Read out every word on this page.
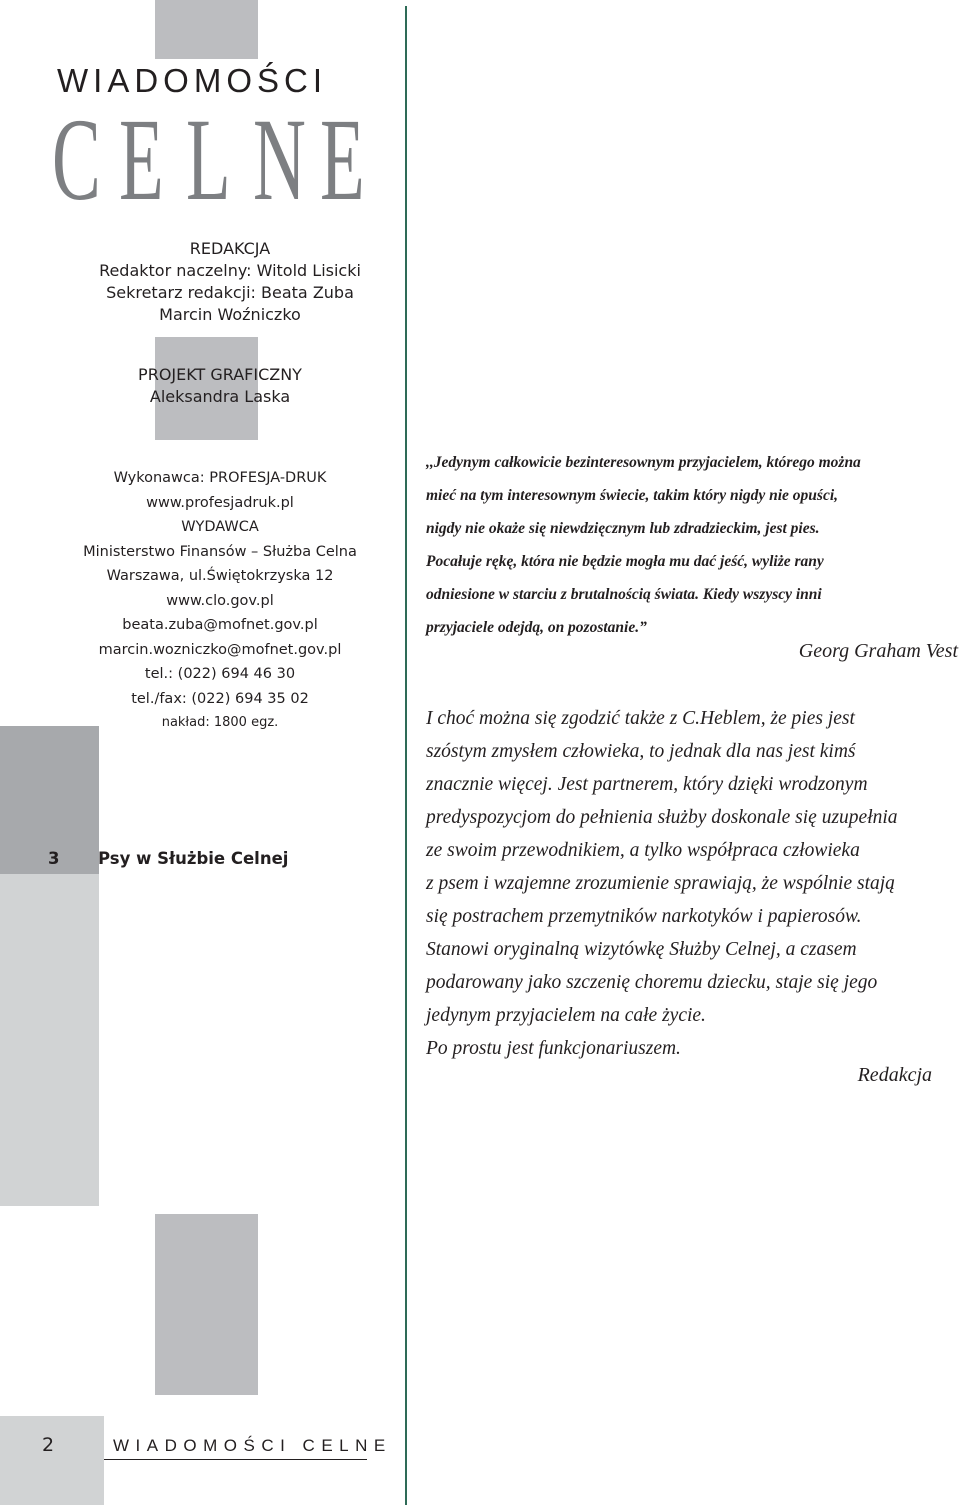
WIADOMOŚCI
C E L N E
REDAKCJA
Redaktor naczelny: Witold Lisicki
Sekretarz redakcji: Beata Zuba
Marcin Woźniczko
PROJEKT GRAFICZNY
Aleksandra Laska
Wykonawca: PROFESJA-DRUK
www.profesjadruk.pl
WYDAWCA
Ministerstwo Finansów – Służba Celna
Warszawa, ul.Świętokrzyska 12
www.clo.gov.pl
beata.zuba@mofnet.gov.pl
marcin.wozniczko@mofnet.gov.pl
tel.: (022) 694 46 30
tel./fax: (022) 694 35 02
nakład: 1800 egz.
3 Psy w Służbie Celnej
,,Jedynym całkowicie bezinteresownym przyjacielem, którego można
mieć na tym interesownym świecie, takim który nigdy nie opuści,
nigdy nie okaże się niewdzięcznym lub zdradzieckim, jest pies.
Pocałuje rękę, która nie będzie mogła mu dać jeść, wyliże rany
odniesione w starciu z brutalnością świata. Kiedy wszyscy inni
przyjaciele odejdą, on pozostanie.”
Georg Graham Vest
I choć można się zgodzić także z C.Heblem, że pies jest
szóstym zmysłem człowieka, to jednak dla nas jest kimś
znacznie więcej. Jest partnerem, który dzięki wrodzonym
predyspozycjom do pełnienia służby doskonale się uzupełnia
ze swoim przewodnikiem, a tylko współpraca człowieka
z psem i wzajemne zrozumienie sprawiają, że wspólnie stają
się postrachem przemytników narkotyków i papierosów.
Stanowi oryginalną wizytówkę Służby Celnej, a czasem
podarowany jako szczenię choremu dziecku, staje się jego
jedynym przyjacielem na całe życie.
Po prostu jest funkcjonariuszem.
Redakcja
2	WIADOMOŚCI CELNE
